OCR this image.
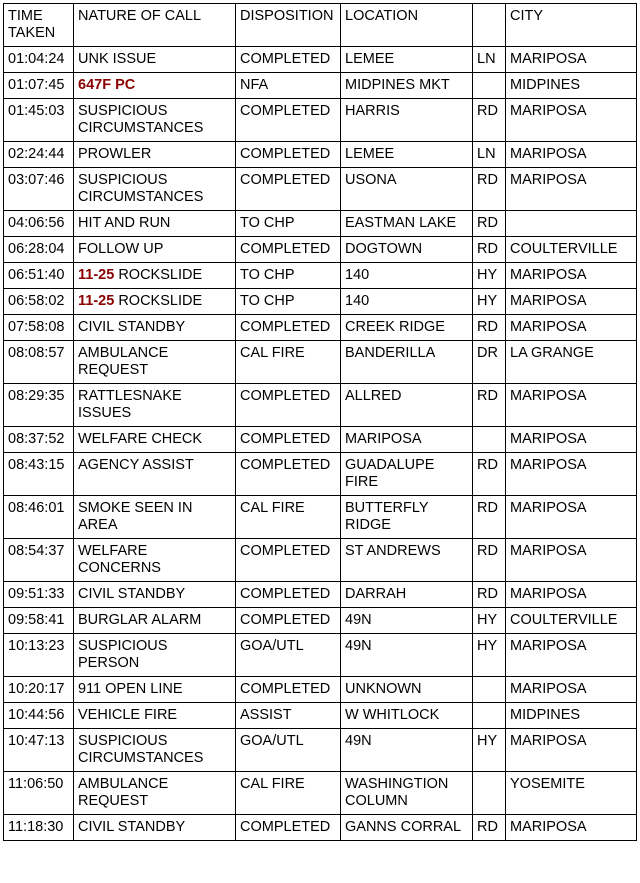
TIME TAKEN	NATURE OF CALL	DISPOSITION	LOCATION		CITY
01:04:24	UNK ISSUE	COMPLETED	LEMEE	LN	MARIPOSA
01:07:45	647F PC	NFA	MIDPINES MKT		MIDPINES
01:45:03	SUSPICIOUS CIRCUMSTANCES	COMPLETED	HARRIS	RD	MARIPOSA
02:24:44	PROWLER	COMPLETED	LEMEE	LN	MARIPOSA
03:07:46	SUSPICIOUS CIRCUMSTANCES	COMPLETED	USONA	RD	MARIPOSA
04:06:56	HIT AND RUN	TO CHP	EASTMAN LAKE	RD	
06:28:04	FOLLOW UP	COMPLETED	DOGTOWN	RD	COULTERVILLE
06:51:40	11-25 ROCKSLIDE	TO CHP	140	HY	MARIPOSA
06:58:02	11-25 ROCKSLIDE	TO CHP	140	HY	MARIPOSA
07:58:08	CIVIL STANDBY	COMPLETED	CREEK RIDGE	RD	MARIPOSA
08:08:57	AMBULANCE REQUEST	CAL FIRE	BANDERILLA	DR	LA GRANGE
08:29:35	RATTLESNAKE ISSUES	COMPLETED	ALLRED	RD	MARIPOSA
08:37:52	WELFARE CHECK	COMPLETED	MARIPOSA		MARIPOSA
08:43:15	AGENCY ASSIST	COMPLETED	GUADALUPE FIRE	RD	MARIPOSA
08:46:01	SMOKE SEEN IN AREA	CAL FIRE	BUTTERFLY RIDGE	RD	MARIPOSA
08:54:37	WELFARE CONCERNS	COMPLETED	ST ANDREWS	RD	MARIPOSA
09:51:33	CIVIL STANDBY	COMPLETED	DARRAH	RD	MARIPOSA
09:58:41	BURGLAR ALARM	COMPLETED	49N	HY	COULTERVILLE
10:13:23	SUSPICIOUS PERSON	GOA/UTL	49N	HY	MARIPOSA
10:20:17	911 OPEN LINE	COMPLETED	UNKNOWN		MARIPOSA
10:44:56	VEHICLE FIRE	ASSIST	W WHITLOCK		MIDPINES
10:47:13	SUSPICIOUS CIRCUMSTANCES	GOA/UTL	49N	HY	MARIPOSA
11:06:50	AMBULANCE REQUEST	CAL FIRE	WASHINGTION COLUMN		YOSEMITE
11:18:30	CIVIL STANDBY	COMPLETED	GANNS CORRAL	RD	MARIPOSA
